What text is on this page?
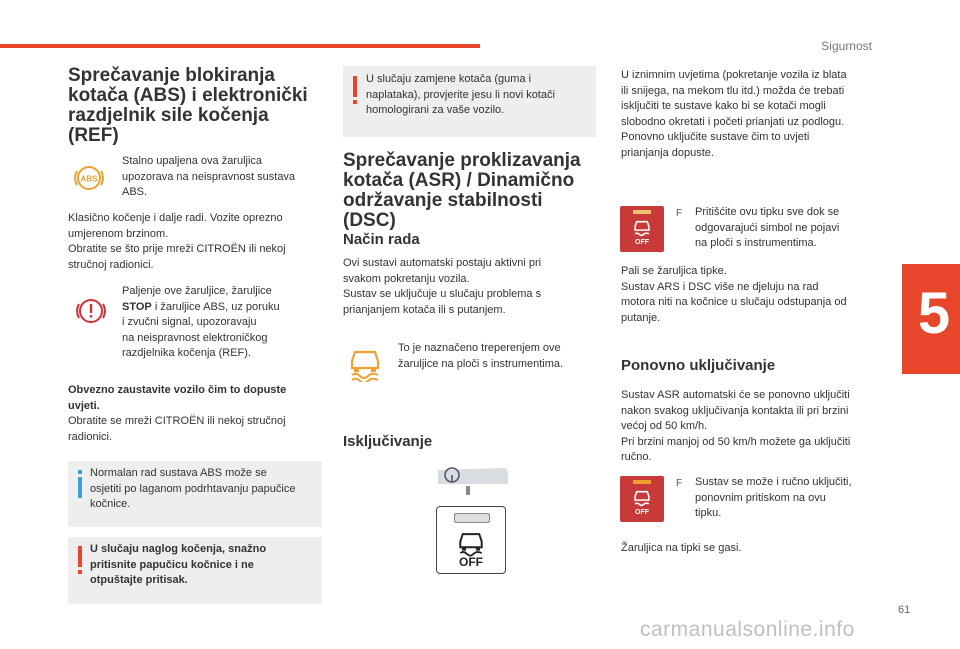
Sigurnost
5
Sprečavanje blokiranja
kotača (ABS) i elektronički
razdjelnik sile kočenja
(REF)
ABS

Stalno upaljena ova žaruljica
upozorava na neispravnost sustava
ABS.

Klasično kočenje i dalje radi. Vozite oprezno
umjerenom brzinom.
Obratite se što prije mreži CITROËN ili nekoj
stručnoj radionici.

Paljenje ove žaruljice, žaruljice
STOP i žaruljice ABS, uz poruku
i zvučni signal, upozoravaju
na neispravnost elektroničkog
razdjelnika kočenja (REF).

Obvezno zaustavite vozilo čim to dopuste
uvjeti.
Obratite se mreži CITROËN ili nekoj stručnoj
radionici.

Normalan rad sustava ABS može se
osjetiti po laganom podrhtavanju papučice
kočnice.

U slučaju naglog kočenja, snažno
pritisnite papučicu kočnice i ne
otpuštajte pritisak.

U slučaju zamjene kotača (guma i
naplataka), provjerite jesu li novi kotači
homologirani za vaše vozilo.

Sprečavanje proklizavanja
kotača (ASR) / Dinamično
održavanje stabilnosti
(DSC)
Način rada

Ovi sustavi automatski postaju aktivni pri
svakom pokretanju vozila.
Sustav se uključuje u slučaju problema s
prianjanjem kotača ili s putanjem.

To je naznačeno treperenjem ove
žaruljice na ploči s instrumentima.

Isključivanje
OFF

U iznimnim uvjetima (pokretanje vozila iz blata
ili snijega, na mekom tlu itd.) možda će trebati
isključiti te sustave kako bi se kotači mogli
slobodno okretati i početi prianjati uz podlogu.
Ponovno uključite sustave čim to uvjeti
prianjanja dopuste.

OFF
F Pritišćite ovu tipku sve dok se
odgovarajući simbol ne pojavi
na ploči s instrumentima.

Pali se žaruljica tipke.
Sustav ARS i DSC više ne djeluju na rad
motora niti na kočnice u slučaju odstupanja od
putanje.

Ponovno uključivanje

Sustav ASR automatski će se ponovno uključiti
nakon svakog uključivanja kontakta ili pri brzini
većoj od 50 km/h.
Pri brzini manjoj od 50 km/h možete ga uključiti
ručno.

OFF
F Sustav se može i ručno uključiti,
ponovnim pritiskom na ovu
tipku.

Žaruljica na tipki se gasi.

61
carmanualsonline.info
